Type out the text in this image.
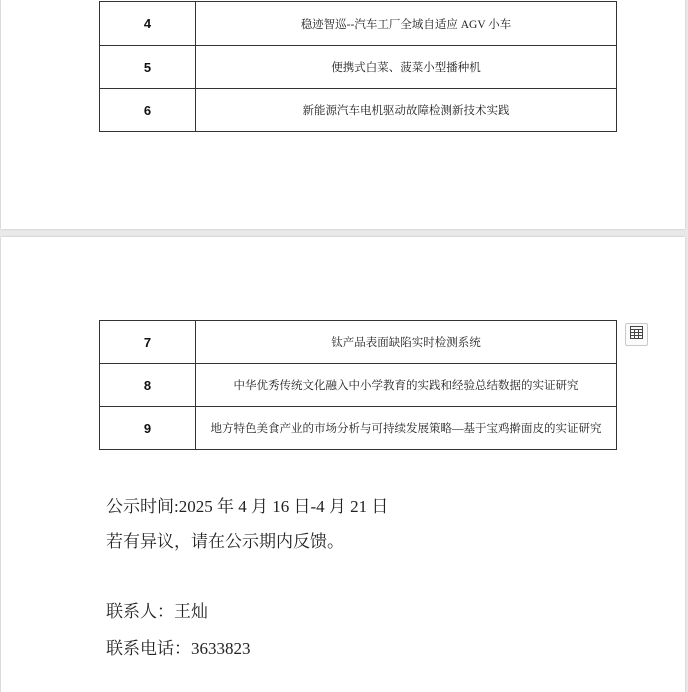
4	稳迹智巡--汽车工厂全域自适应 AGV 小车
5	便携式白菜、菠菜小型播种机
6	新能源汽车电机驱动故障检测新技术实践
7	钛产品表面缺陷实时检测系统
8	中华优秀传统文化融入中小学教育的实践和经验总结数据的实证研究
9	地方特色美食产业的市场分析与可持续发展策略—基于宝鸡擀面皮的实证研究
公示时间:2025 年 4 月 16 日-4 月 21 日
若有异议，请在公示期内反馈。
联系人：王灿
联系电话：3633823
